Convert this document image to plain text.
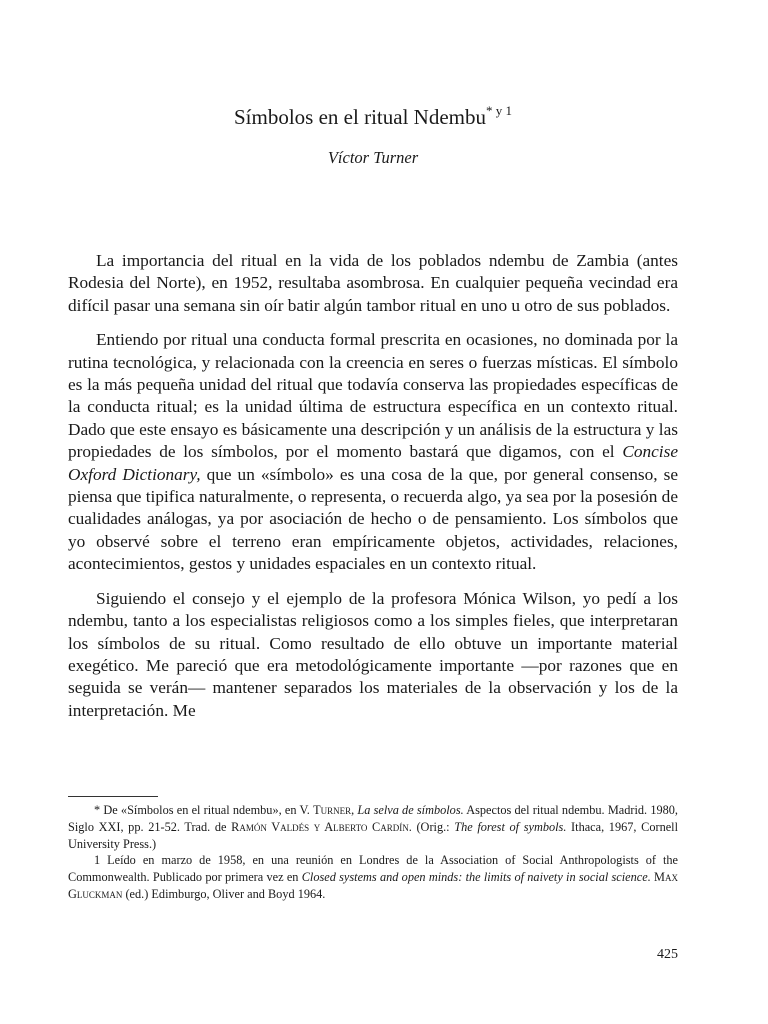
Símbolos en el ritual Ndembu$^{* y 1}$
Víctor Turner

La importancia del ritual en la vida de los poblados ndembu de Zambia (antes Rodesia del Norte), en 1952, resultaba asombrosa. En cualquier pequeña vecindad era difícil pasar una semana sin oír batir algún tambor ritual en uno u otro de sus poblados.

Entiendo por ritual una conducta formal prescrita en ocasiones, no dominada por la rutina tecnológica, y relacionada con la creencia en seres o fuerzas místicas. El símbolo es la más pequeña unidad del ritual que todavía conserva las propiedades específicas de la conducta ritual; es la unidad última de estructura específica en un contexto ritual. Dado que este ensayo es básicamente una descripción y un análisis de la estructura y las propiedades de los símbolos, por el momento bastará que digamos, con el Concise Oxford Dictionary, que un «símbolo» es una cosa de la que, por general consenso, se piensa que tipifica naturalmente, o representa, o recuerda algo, ya sea por la posesión de cualidades análogas, ya por asociación de hecho o de pensamiento. Los símbolos que yo observé sobre el terreno eran empíricamente objetos, actividades, relaciones, acontecimientos, gestos y unidades espaciales en un contexto ritual.

Siguiendo el consejo y el ejemplo de la profesora Mónica Wilson, yo pedí a los ndembu, tanto a los especialistas religiosos como a los simples fieles, que interpretaran los símbolos de su ritual. Como resultado de ello obtuve un importante material exegético. Me pareció que era metodológicamente importante —por razones que en seguida se verán— mantener separados los materiales de la observación y los de la interpretación. Me

* De «Símbolos en el ritual ndembu», en V. Turner, La selva de símbolos. Aspectos del ritual ndembu. Madrid. 1980, Siglo XXI, pp. 21-52. Trad. de Ramón Valdés y Alberto Cardín. (Orig.: The forest of symbols. Ithaca, 1967, Cornell University Press.)

1 Leído en marzo de 1958, en una reunión en Londres de la Association of Social Anthropologists of the Commonwealth. Publicado por primera vez en Closed systems and open minds: the limits of naivety in social science. Max Gluckman (ed.) Edimburgo, Oliver and Boyd 1964.

425
